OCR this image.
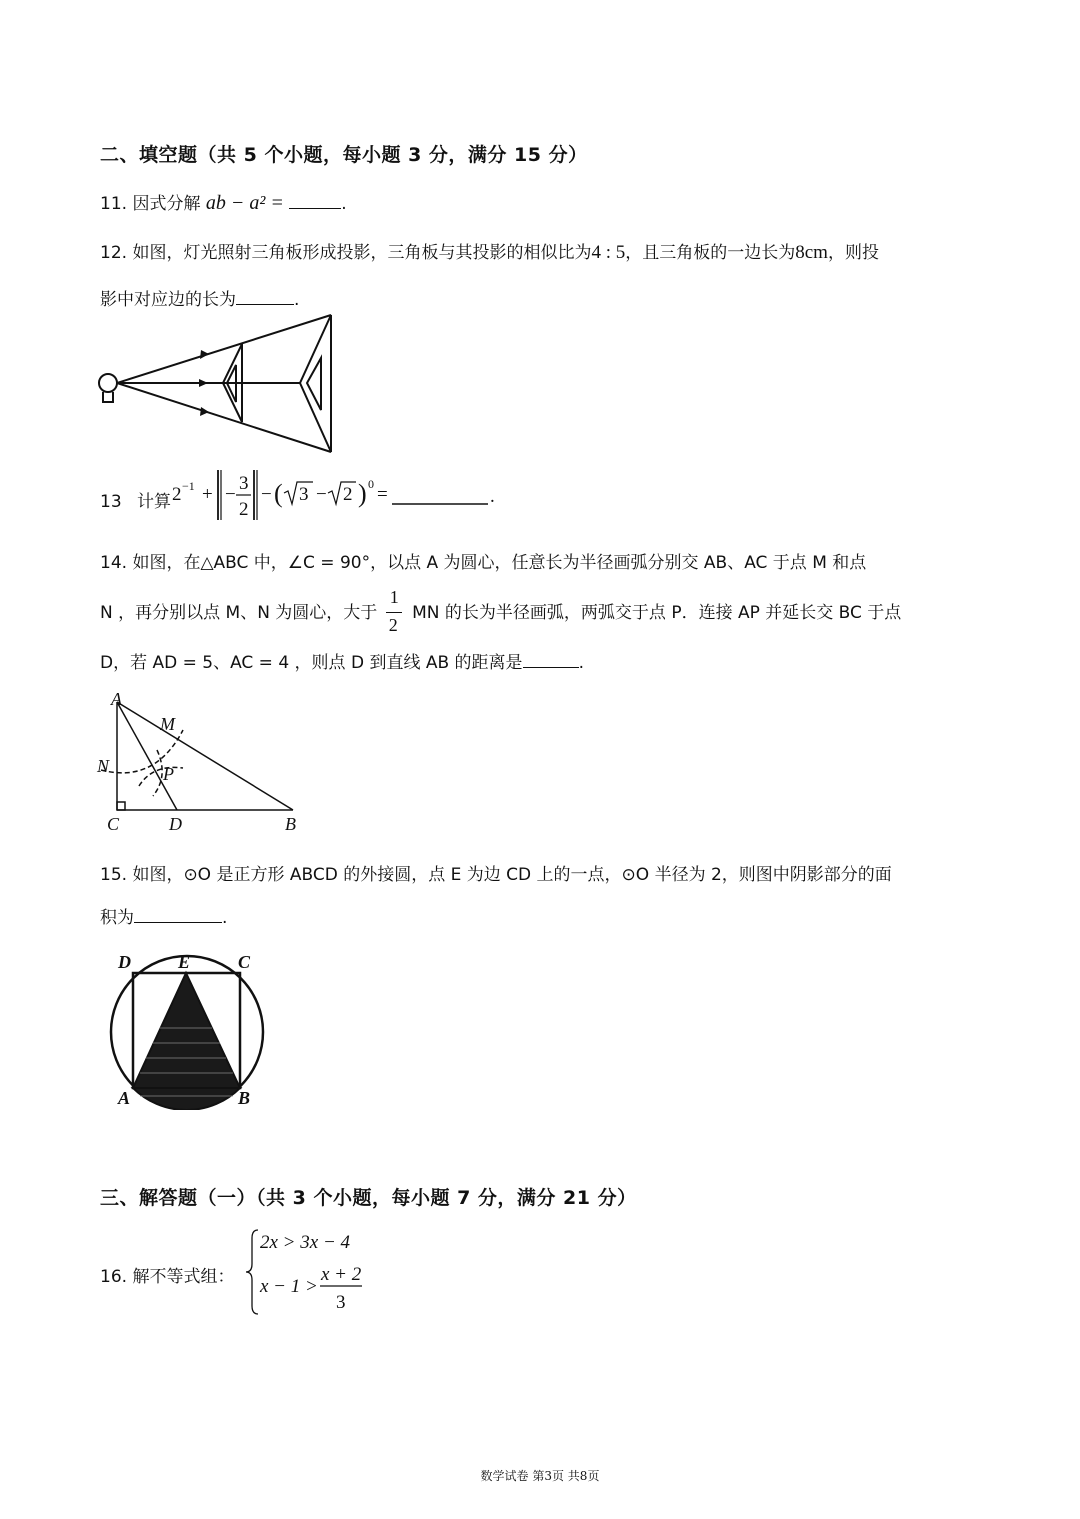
二、填空题（共 5 个小题，每小题 3 分，满分 15 分）
11. 因式分解 ab − a² =	.
12. 如图，灯光照射三角板形成投影，三角板与其投影的相似比为4 : 5，且三角板的一边长为8cm，则投
影中对应边的长为	.
13 计算 2 −1 + −
3
2
− ( 3 − 2 ) 0 =	.
14. 如图，在△ABC 中，∠C = 90°，以点 A 为圆心，任意长为半径画弧分别交 AB、AC 于点 M 和点
N ，再分别以点 M、N 为圆心，大于 $\frac{1}{2}$ MN 的长为半径画弧，两弧交于点 P．连接 AP 并延长交 BC 于点
D，若 AD = 5、AC = 4 ，则点 D 到直线 AB 的距离是	.
A
M
N	P
C	D	B
15. 如图，⊙O 是正方形 ABCD 的外接圆，点 E 为边 CD 上的一点，⊙O 半径为 2，则图中阴影部分的面
积为	.
D	E	C
A	B
三、解答题（一）（共 3 个小题，每小题 7 分，满分 21 分）
16. 解不等式组：
2x > 3x − 4
x − 1 >
x + 2
3
数学试卷 第3页 共8页
